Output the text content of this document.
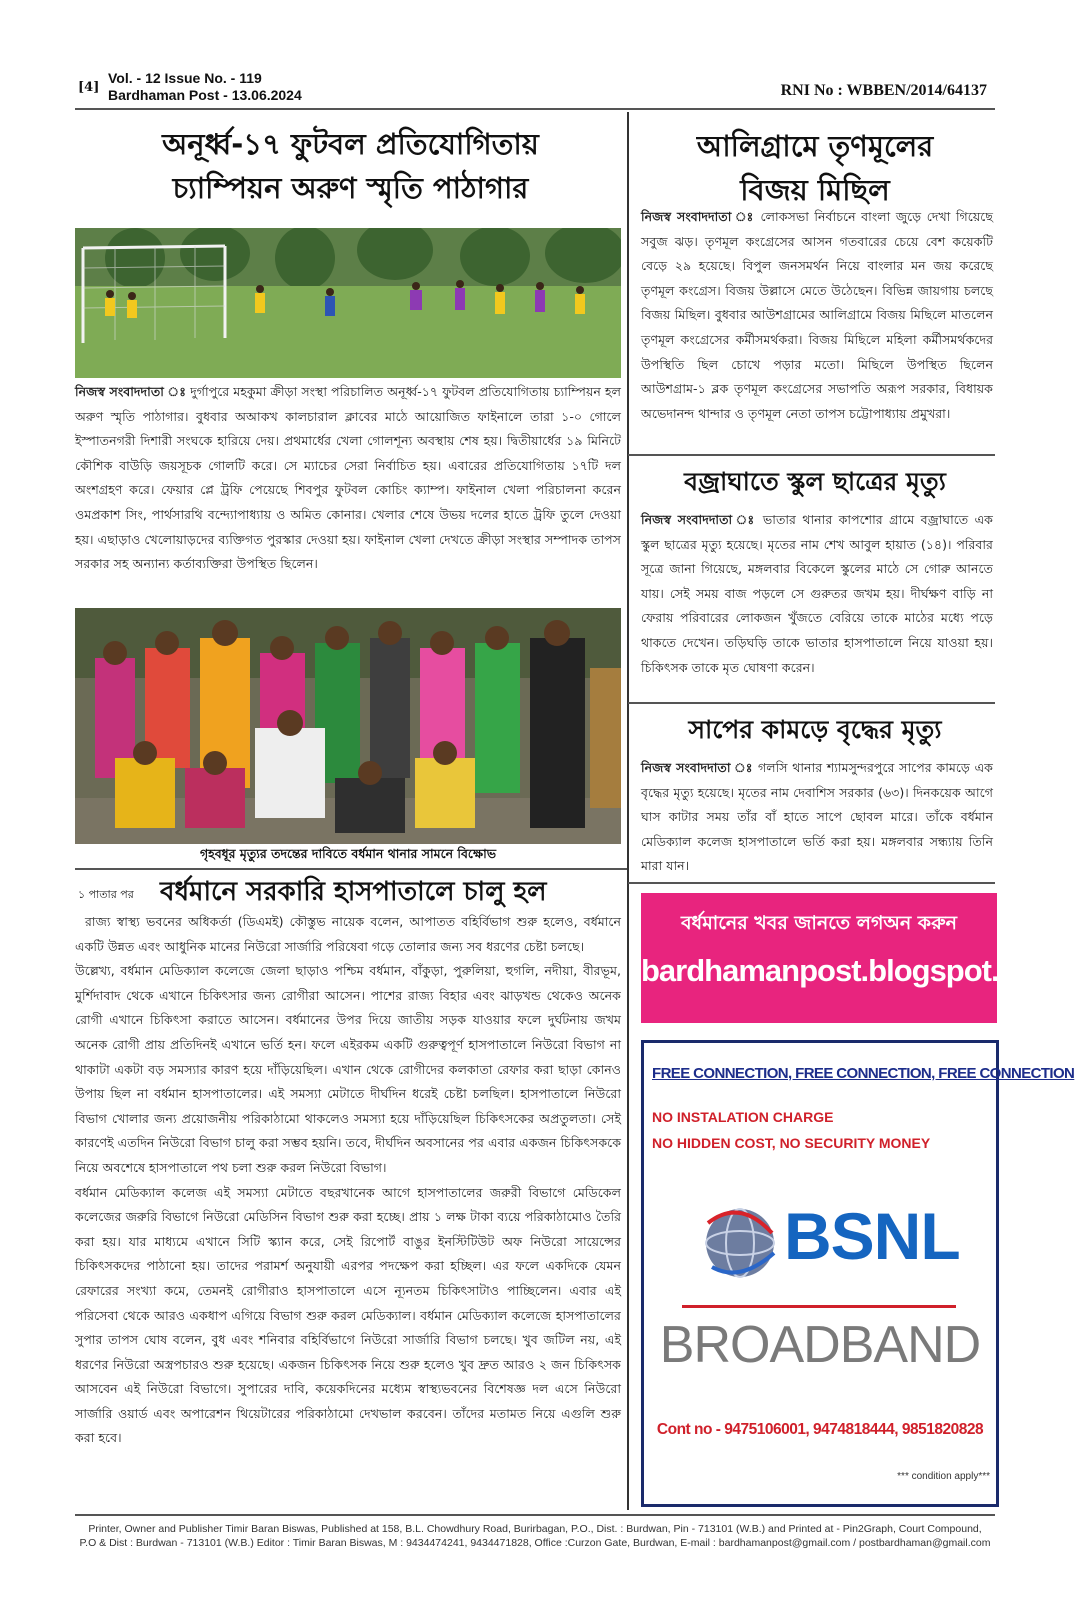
[4]
Vol. - 12 Issue No. - 119
Bardhaman Post - 13.06.2024	RNI No : WBBEN/2014/64137
অনূর্ধ্ব-১৭ ফুটবল প্রতিযোগিতায়
চ্যাম্পিয়ন অরুণ স্মৃতি পাঠাগার

নিজস্ব সংবাদদাতা ঃ দুর্গাপুরে মহকুমা ক্রীড়া সংস্থা পরিচালিত অনূর্ধ্ব-১৭ ফুটবল প্রতিযোগিতায় চ্যাম্পিয়ন হল অরুণ স্মৃতি পাঠাগার। বুধবার অআকখ কালচারাল ক্লাবের মাঠে আয়োজিত ফাইনালে তারা ১-০ গোলে ইস্পাতনগরী দিশারী সংঘকে হারিয়ে দেয়। প্রথমার্ধের খেলা গোলশূন্য অবস্থায় শেষ হয়। দ্বিতীয়ার্ধের ১৯ মিনিটে কৌশিক বাউড়ি জয়সূচক গোলটি করে। সে ম্যাচের সেরা নির্বাচিত হয়। এবারের প্রতিযোগিতায় ১৭টি দল অংশগ্রহণ করে। ফেয়ার প্লে ট্রফি পেয়েছে শিবপুর ফুটবল কোচিং ক্যাম্প। ফাইনাল খেলা পরিচালনা করেন ওমপ্রকাশ সিং, পার্থসারথি বন্দ্যোপাধ্যায় ও অমিত কোনার। খেলার শেষে উভয় দলের হাতে ট্রফি তুলে দেওয়া হয়। এছাড়াও খেলোয়াড়দের ব্যক্তিগত পুরস্কার দেওয়া হয়। ফাইনাল খেলা দেখতে ক্রীড়া সংস্থার সম্পাদক তাপস সরকার সহ অন্যান্য কর্তাব্যক্তিরা উপস্থিত ছিলেন।

গৃহবধূর মৃত্যুর তদন্তের দাবিতে বর্ধমান থানার সামনে বিক্ষোভ
১ পাতার পর বর্ধমানে সরকারি হাসপাতালে চালু হল

রাজ্য স্বাস্থ্য ভবনের অধিকর্তা (ডিএমই) কৌস্তুভ নায়েক বলেন, আপাতত বহির্বিভাগ শুরু হলেও, বর্ধমানে একটি উন্নত এবং আধুনিক মানের নিউরো সার্জারি পরিষেবা গড়ে তোলার জন্য সব ধরণের চেষ্টা চলছে।

উল্লেখ্য, বর্ধমান মেডিক্যাল কলেজে জেলা ছাড়াও পশ্চিম বর্ধমান, বাঁকুড়া, পুরুলিয়া, হুগলি, নদীয়া, বীরভূম, মুর্শিদাবাদ থেকে এখানে চিকিৎসার জন্য রোগীরা আসেন। পাশের রাজ্য বিহার এবং ঝাড়খন্ড থেকেও অনেক রোগী এখানে চিকিৎসা করাতে আসেন। বর্ধমানের উপর দিয়ে জাতীয় সড়ক যাওয়ার ফলে দুর্ঘটনায় জখম অনেক রোগী প্রায় প্রতিদিনই এখানে ভর্তি হন। ফলে এইরকম একটি গুরুত্বপূর্ণ হাসপাতালে নিউরো বিভাগ না থাকাটা একটা বড় সমস্যার কারণ হয়ে দাঁড়িয়েছিল। এখান থেকে রোগীদের কলকাতা রেফার করা ছাড়া কোনও উপায় ছিল না বর্ধমান হাসপাতালের। এই সমস্যা মেটাতে দীর্ঘদিন ধরেই চেষ্টা চলছিল। হাসপাতালে নিউরো বিভাগ খোলার জন্য প্রয়োজনীয় পরিকাঠামো থাকলেও সমস্যা হয়ে দাঁড়িয়েছিল চিকিৎসকের অপ্রতুলতা। সেই কারণেই এতদিন নিউরো বিভাগ চালু করা সম্ভব হয়নি। তবে, দীর্ঘদিন অবসানের পর এবার একজন চিকিৎসককে নিয়ে অবশেষে হাসপাতালে পথ চলা শুরু করল নিউরো বিভাগ।

বর্ধমান মেডিক্যাল কলেজ এই সমস্যা মেটাতে বছরখানেক আগে হাসপাতালের জরুরী বিভাগে মেডিকেল কলেজের জরুরি বিভাগে নিউরো মেডিসিন বিভাগ শুরু করা হচ্ছে। প্রায় ১ লক্ষ টাকা ব্যয়ে পরিকাঠামোও তৈরি করা হয়। যার মাধ্যমে এখানে সিটি স্ক্যান করে, সেই রিপোর্ট বাঙুর ইনস্টিটিউট অফ নিউরো সায়েন্সের চিকিৎসকদের পাঠানো হয়। তাদের পরামর্শ অনুযায়ী এরপর পদক্ষেপ করা হচ্ছিল। এর ফলে একদিকে যেমন রেফারের সংখ্যা কমে, তেমনই রোগীরাও হাসপাতালে এসে ন্যূনতম চিকিৎসাটাও পাচ্ছিলেন। এবার এই পরিসেবা থেকে আরও একধাপ এগিয়ে বিভাগ শুরু করল মেডিক্যাল। বর্ধমান মেডিক্যাল কলেজে হাসপাতালের সুপার তাপস ঘোষ বলেন, বুধ এবং শনিবার বহির্বিভাগে নিউরো সার্জারি বিভাগ চলছে। খুব জটিল নয়, এই ধরণের নিউরো অস্ত্রপচারও শুরু হয়েছে। একজন চিকিৎসক নিয়ে শুরু হলেও খুব দ্রুত আরও ২ জন চিকিৎসক আসবেন এই নিউরো বিভাগে। সুপারের দাবি, কয়েকদিনের মধ্যেম স্বাস্থ্যভবনের বিশেষজ্ঞ দল এসে নিউরো সার্জারি ওয়ার্ড এবং অপারেশন থিয়েটারের পরিকাঠামো দেখভাল করবেন। তাঁদের মতামত নিয়ে এগুলি শুরু করা হবে।

আলিগ্রামে তৃণমূলের
বিজয় মিছিল

নিজস্ব সংবাদদাতা ঃ লোকসভা নির্বাচনে বাংলা জুড়ে দেখা গিয়েছে সবুজ ঝড়। তৃণমূল কংগ্রেসের আসন গতবারের চেয়ে বেশ কয়েকটি বেড়ে ২৯ হয়েছে। বিপুল জনসমর্থন নিয়ে বাংলার মন জয় করেছে তৃণমূল কংগ্রেস। বিজয় উল্লাসে মেতে উঠেছেন। বিভিন্ন জায়গায় চলছে বিজয় মিছিল। বুধবার আউশগ্রামের আলিগ্রামে বিজয় মিছিলে মাতলেন তৃণমূল কংগ্রেসের কর্মীসমর্থকরা। বিজয় মিছিলে মহিলা কর্মীসমর্থকদের উপস্থিতি ছিল চোখে পড়ার মতো। মিছিলে উপস্থিত ছিলেন আউশগ্রাম-১ ব্লক তৃণমূল কংগ্রেসের সভাপতি অরূপ সরকার, বিধায়ক অভেদানন্দ থান্দার ও তৃণমূল নেতা তাপস চট্টোপাধ্যায় প্রমুখরা।

বজ্রাঘাতে স্কুল ছাত্রের মৃত্যু

নিজস্ব সংবাদদাতা ঃ ভাতার থানার কাপশোর গ্রামে বজ্রাঘাতে এক স্কুল ছাত্রের মৃত্যু হয়েছে। মৃতের নাম শেখ আবুল হায়াত (১৪)। পরিবার সূত্রে জানা গিয়েছে, মঙ্গলবার বিকেলে স্কুলের মাঠে সে গোরু আনতে যায়। সেই সময় বাজ পড়লে সে গুরুতর জখম হয়। দীর্ঘক্ষণ বাড়ি না ফেরায় পরিবারের লোকজন খুঁজতে বেরিয়ে তাকে মাঠের মধ্যে পড়ে থাকতে দেখেন। তড়িঘড়ি তাকে ভাতার হাসপাতালে নিয়ে যাওয়া হয়। চিকিৎসক তাকে মৃত ঘোষণা করেন।

সাপের কামড়ে বৃদ্ধের মৃত্যু

নিজস্ব সংবাদদাতা ঃ গলসি থানার শ্যামসুন্দরপুরে সাপের কামড়ে এক বৃদ্ধের মৃত্যু হয়েছে। মৃতের নাম দেবাশিস সরকার (৬৩)। দিনকয়েক আগে ঘাস কাটার সময় তাঁর বাঁ হাতে সাপে ছোবল মারে। তাঁকে বর্ধমান মেডিক্যাল কলেজ হাসপাতালে ভর্তি করা হয়। মঙ্গলবার সন্ধ্যায় তিনি মারা যান।

বর্ধমানের খবর জানতে লগঅন করুন
bardhamanpost.blogspot.com
FREE CONNECTION, FREE CONNECTION, FREE CONNECTION
NO INSTALATION CHARGE
NO HIDDEN COST, NO SECURITY MONEY
BSNL
BROADBAND
Cont no - 9475106001, 9474818444, 9851820828
*** condition apply***
Printer, Owner and Publisher Timir Baran Biswas, Published at 158, B.L. Chowdhury Road, Burirbagan, P.O., Dist. : Burdwan, Pin - 713101 (W.B.) and Printed at - Pin2Graph, Court Compound,
P.O & Dist : Burdwan - 713101 (W.B.) Editor : Timir Baran Biswas, M : 9434474241, 9434471828, Office :Curzon Gate, Burdwan, E-mail : bardhamanpost@gmail.com / postbardhaman@gmail.com
